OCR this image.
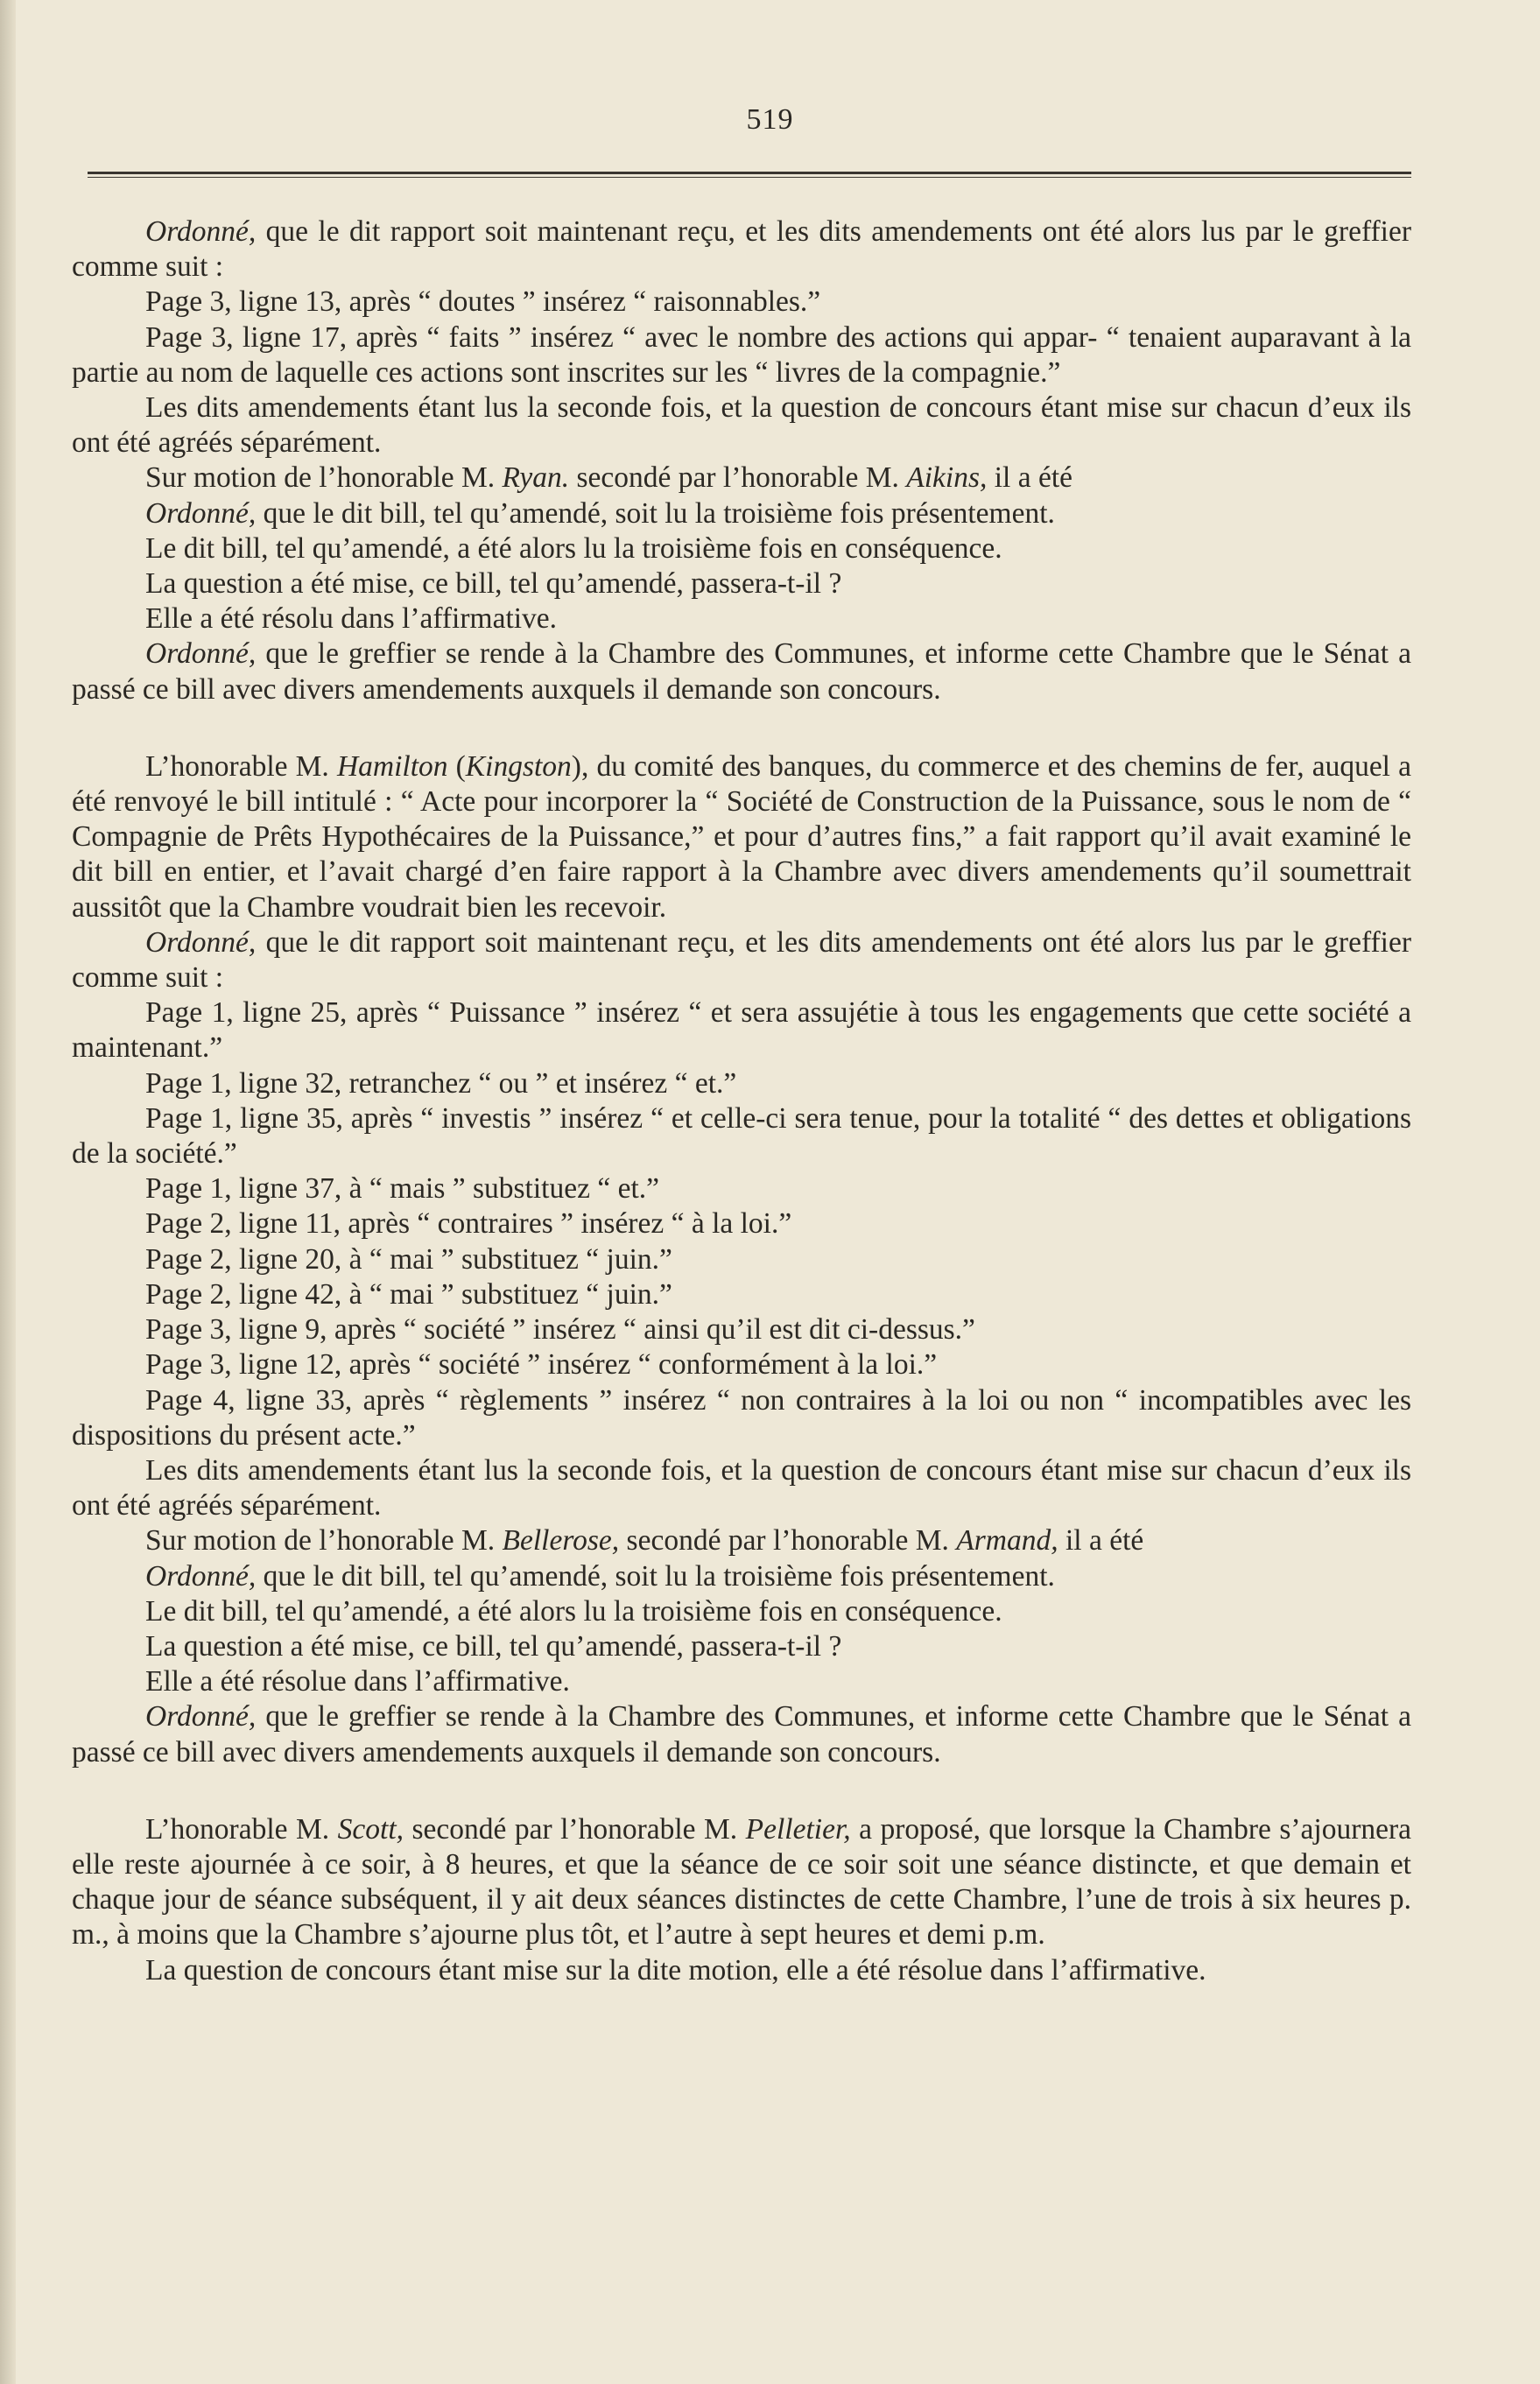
519

Ordonné, que le dit rapport soit maintenant reçu, et les dits amendements ont été alors lus par le greffier comme suit :

Page 3, ligne 13, après “ doutes ” insérez “ raisonnables.”

Page 3, ligne 17, après “ faits ” insérez “ avec le nombre des actions qui appar- “ tenaient auparavant à la partie au nom de laquelle ces actions sont inscrites sur les “ livres de la compagnie.”

Les dits amendements étant lus la seconde fois, et la question de concours étant mise sur chacun d’eux ils ont été agréés séparément.

Sur motion de l’honorable M. Ryan. secondé par l’honorable M. Aikins, il a été

Ordonné, que le dit bill, tel qu’amendé, soit lu la troisième fois présentement.

Le dit bill, tel qu’amendé, a été alors lu la troisième fois en conséquence.

La question a été mise, ce bill, tel qu’amendé, passera-t-il ?

Elle a été résolu dans l’affirmative.

Ordonné, que le greffier se rende à la Chambre des Communes, et informe cette Chambre que le Sénat a passé ce bill avec divers amendements auxquels il demande son concours.

L’honorable M. Hamilton (Kingston), du comité des banques, du commerce et des chemins de fer, auquel a été renvoyé le bill intitulé : “ Acte pour incorporer la “ Société de Construction de la Puissance, sous le nom de “ Compagnie de Prêts Hypothécaires de la Puissance,” et pour d’autres fins,” a fait rapport qu’il avait examiné le dit bill en entier, et l’avait chargé d’en faire rapport à la Chambre avec divers amendements qu’il soumettrait aussitôt que la Chambre voudrait bien les recevoir.

Ordonné, que le dit rapport soit maintenant reçu, et les dits amendements ont été alors lus par le greffier comme suit :

Page 1, ligne 25, après “ Puissance ” insérez “ et sera assujétie à tous les engagements que cette société a maintenant.”

Page 1, ligne 32, retranchez “ ou ” et insérez “ et.”

Page 1, ligne 35, après “ investis ” insérez “ et celle-ci sera tenue, pour la totalité “ des dettes et obligations de la société.”

Page 1, ligne 37, à “ mais ” substituez “ et.”

Page 2, ligne 11, après “ contraires ” insérez “ à la loi.”

Page 2, ligne 20, à “ mai ” substituez “ juin.”

Page 2, ligne 42, à “ mai ” substituez “ juin.”

Page 3, ligne 9, après “ société ” insérez “ ainsi qu’il est dit ci-dessus.”

Page 3, ligne 12, après “ société ” insérez “ conformément à la loi.”

Page 4, ligne 33, après “ règlements ” insérez “ non contraires à la loi ou non “ incompatibles avec les dispositions du présent acte.”

Les dits amendements étant lus la seconde fois, et la question de concours étant mise sur chacun d’eux ils ont été agréés séparément.

Sur motion de l’honorable M. Bellerose, secondé par l’honorable M. Armand, il a été

Ordonné, que le dit bill, tel qu’amendé, soit lu la troisième fois présentement.

Le dit bill, tel qu’amendé, a été alors lu la troisième fois en conséquence.

La question a été mise, ce bill, tel qu’amendé, passera-t-il ?

Elle a été résolue dans l’affirmative.

Ordonné, que le greffier se rende à la Chambre des Communes, et informe cette Chambre que le Sénat a passé ce bill avec divers amendements auxquels il demande son concours.

L’honorable M. Scott, secondé par l’honorable M. Pelletier, a proposé, que lorsque la Chambre s’ajournera elle reste ajournée à ce soir, à 8 heures, et que la séance de ce soir soit une séance distincte, et que demain et chaque jour de séance subséquent, il y ait deux séances distinctes de cette Chambre, l’une de trois à six heures p. m., à moins que la Chambre s’ajourne plus tôt, et l’autre à sept heures et demi p.m.

La question de concours étant mise sur la dite motion, elle a été résolue dans l’affirmative.
